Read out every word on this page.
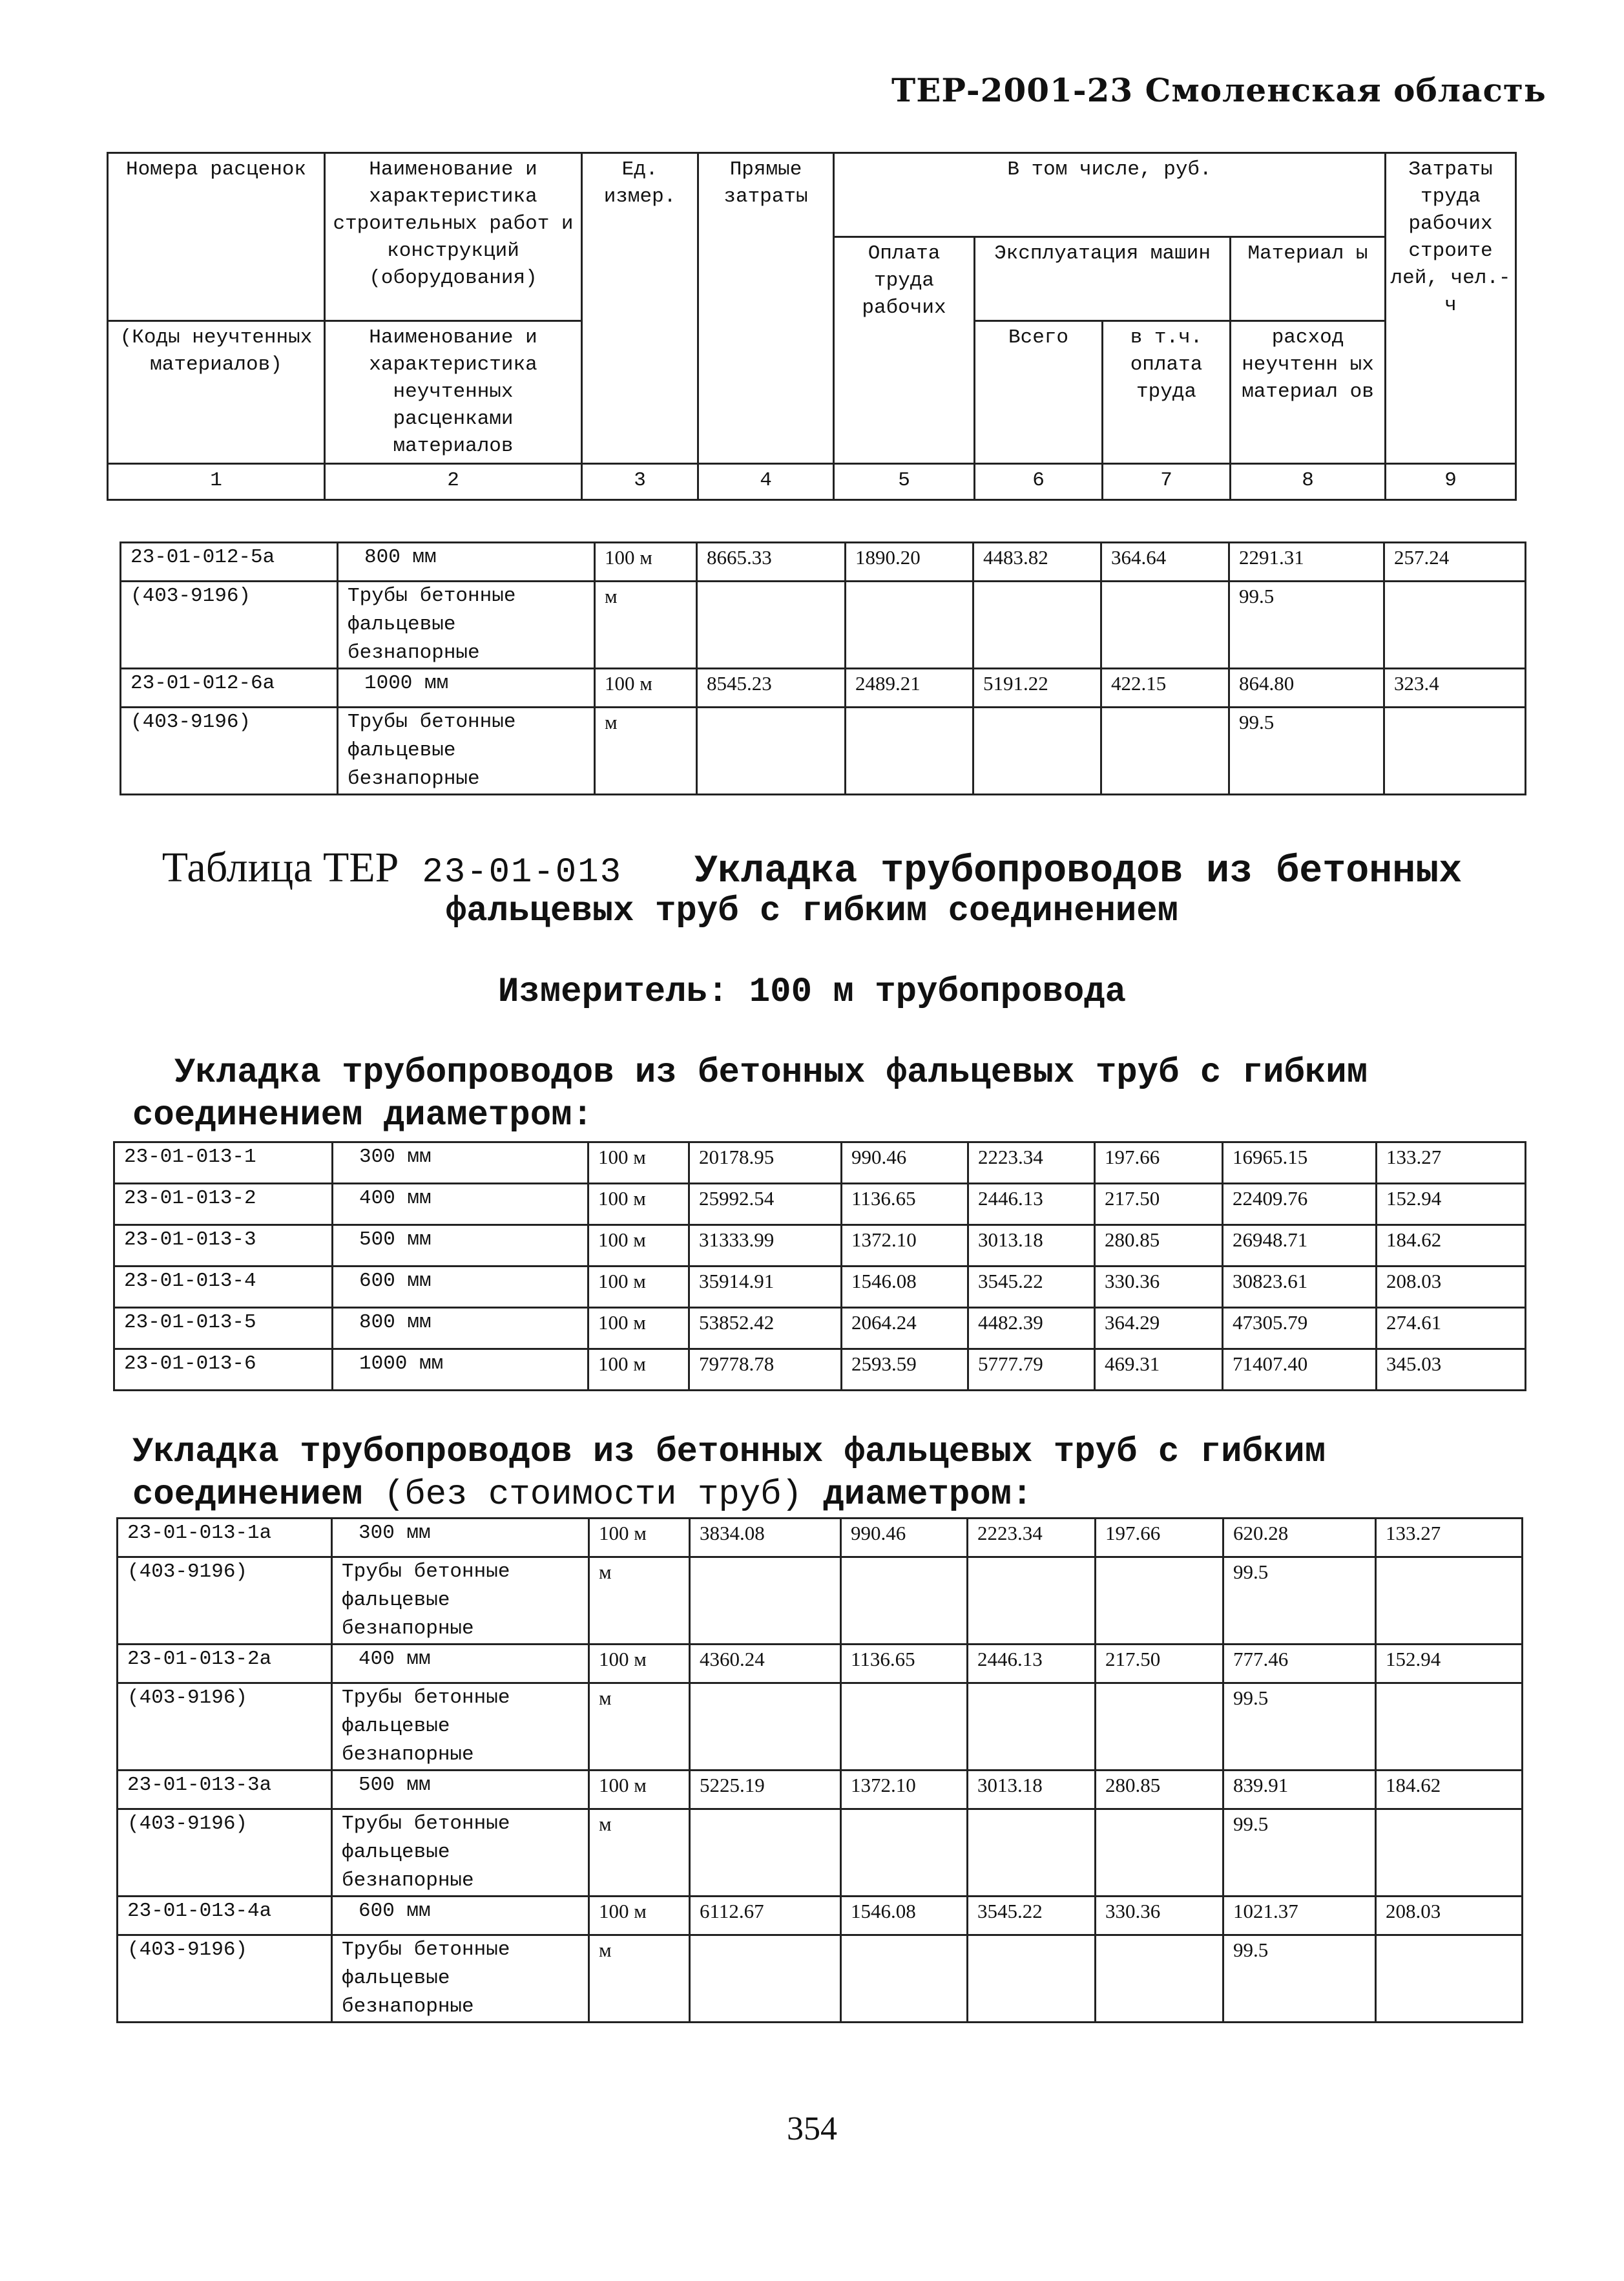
ТЕР-2001-23 Смоленская область
Номера расценок	Наименование и характеристика строительных работ и конструкций (оборудования)	Ед. измер.	Прямые затраты	В том числе, руб.				Затраты труда рабочих строите лей, чел.-ч
				Оплата труда рабочих	Эксплуатация машин		Материал ы	
(Коды неучтенных материалов)	Наименование и характеристика неучтенных расценками материалов				Всего	в т.ч. оплата труда	расход неучтенн ых материал ов	

1	2	3	4	5	6	7	8	9
23-01-012-5а	800 мм	100 м	8665.33	1890.20	4483.82	364.64	2291.31	257.24
(403-9196)	Трубы бетонные фальцевые безнапорные	м					99.5	
23-01-012-6а	1000 мм	100 м	8545.23	2489.21	5191.22	422.15	864.80	323.4
(403-9196)	Трубы бетонные фальцевые безнапорные	м					99.5	
Таблица ТЕР 23-01-013 Укладка трубопроводов из бетонных
фальцевых труб с гибким соединением
Измеритель: 100 м трубопровода
Укладка трубопроводов из бетонных фальцевых труб с гибким
соединением диаметром:
23-01-013-1	300 мм	100 м	20178.95	990.46	2223.34	197.66	16965.15	133.27
23-01-013-2	400 мм	100 м	25992.54	1136.65	2446.13	217.50	22409.76	152.94
23-01-013-3	500 мм	100 м	31333.99	1372.10	3013.18	280.85	26948.71	184.62
23-01-013-4	600 мм	100 м	35914.91	1546.08	3545.22	330.36	30823.61	208.03
23-01-013-5	800 мм	100 м	53852.42	2064.24	4482.39	364.29	47305.79	274.61
23-01-013-6	1000 мм	100 м	79778.78	2593.59	5777.79	469.31	71407.40	345.03
Укладка трубопроводов из бетонных фальцевых труб с гибким
соединением (без стоимости труб) диаметром:
23-01-013-1а	300 мм	100 м	3834.08	990.46	2223.34	197.66	620.28	133.27
(403-9196)	Трубы бетонные фальцевые безнапорные	м					99.5	
23-01-013-2а	400 мм	100 м	4360.24	1136.65	2446.13	217.50	777.46	152.94
(403-9196)	Трубы бетонные фальцевые безнапорные	м					99.5	
23-01-013-3а	500 мм	100 м	5225.19	1372.10	3013.18	280.85	839.91	184.62
(403-9196)	Трубы бетонные фальцевые безнапорные	м					99.5	
23-01-013-4а	600 мм	100 м	6112.67	1546.08	3545.22	330.36	1021.37	208.03
(403-9196)	Трубы бетонные фальцевые безнапорные	м					99.5	
354
